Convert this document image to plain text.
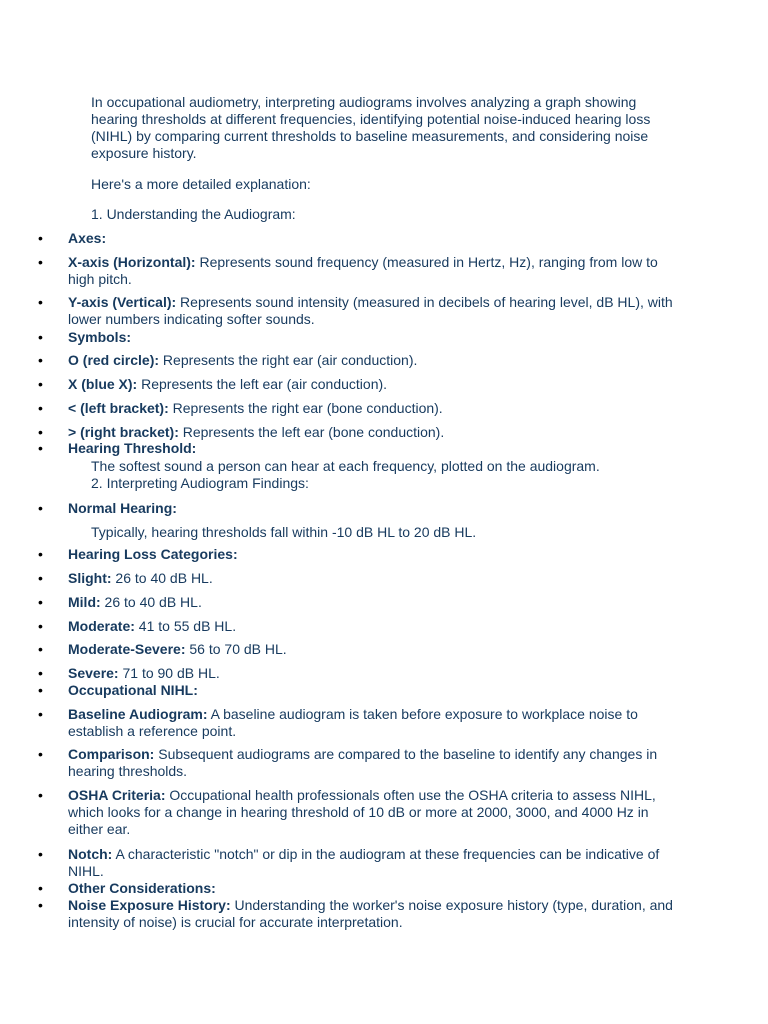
In occupational audiometry, interpreting audiograms involves analyzing a graph showing hearing thresholds at different frequencies, identifying potential noise-induced hearing loss (NIHL) by comparing current thresholds to baseline measurements, and considering noise exposure history.

Here's a more detailed explanation:

1. Understanding the Audiogram:

• Axes:
• X-axis (Horizontal): Represents sound frequency (measured in Hertz, Hz), ranging from low to high pitch.
• Y-axis (Vertical): Represents sound intensity (measured in decibels of hearing level, dB HL), with lower numbers indicating softer sounds.
• Symbols:
• O (red circle): Represents the right ear (air conduction).
• X (blue X): Represents the left ear (air conduction).
• < (left bracket): Represents the right ear (bone conduction).
• > (right bracket): Represents the left ear (bone conduction).
• Hearing Threshold:

The softest sound a person can hear at each frequency, plotted on the audiogram.

2. Interpreting Audiogram Findings:

• Normal Hearing:

Typically, hearing thresholds fall within -10 dB HL to 20 dB HL.

• Hearing Loss Categories:
• Slight: 26 to 40 dB HL.
• Mild: 26 to 40 dB HL.
• Moderate: 41 to 55 dB HL.
• Moderate-Severe: 56 to 70 dB HL.
• Severe: 71 to 90 dB HL.
• Occupational NIHL:
• Baseline Audiogram: A baseline audiogram is taken before exposure to workplace noise to establish a reference point.
• Comparison: Subsequent audiograms are compared to the baseline to identify any changes in hearing thresholds.
• OSHA Criteria: Occupational health professionals often use the OSHA criteria to assess NIHL, which looks for a change in hearing threshold of 10 dB or more at 2000, 3000, and 4000 Hz in either ear.
• Notch: A characteristic "notch" or dip in the audiogram at these frequencies can be indicative of NIHL.
• Other Considerations:
• Noise Exposure History: Understanding the worker's noise exposure history (type, duration, and intensity of noise) is crucial for accurate interpretation.
